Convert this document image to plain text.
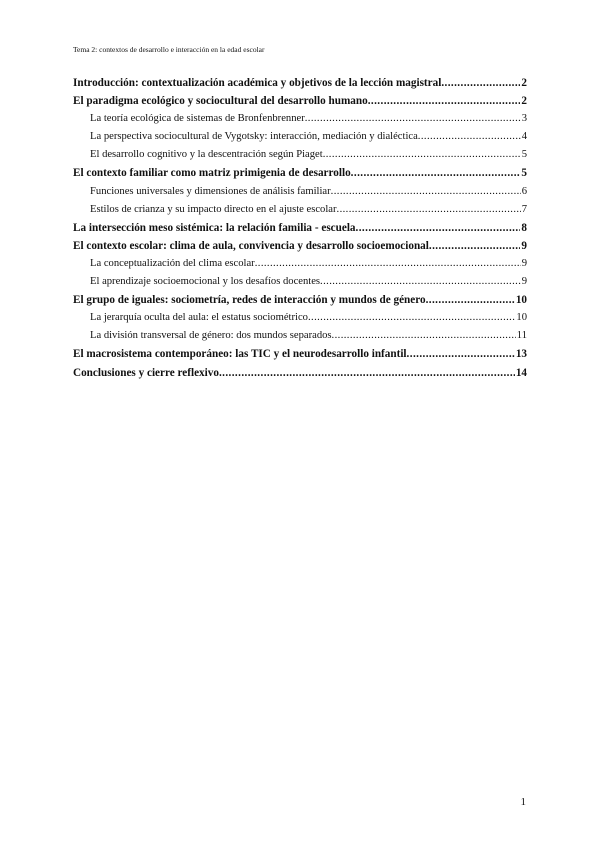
Tema 2: contextos de desarrollo e interacción en la edad escolar
Introducción: contextualización académica y objetivos de la lección magistral .....	2
El paradigma ecológico y sociocultural del desarrollo humano .....	2
La teoría ecológica de sistemas de Bronfenbrenner .....	3
La perspectiva sociocultural de Vygotsky: interacción, mediación y dialéctica .....	4
El desarrollo cognitivo y la descentración según Piaget .....	5
El contexto familiar como matriz primigenia de desarrollo .....	5
Funciones universales y dimensiones de análisis familiar .....	6
Estilos de crianza y su impacto directo en el ajuste escolar .....	7
La intersección meso sistémica: la relación familia - escuela .....	8
El contexto escolar: clima de aula, convivencia y desarrollo socioemocional .....	9
La conceptualización del clima escolar .....	9
El aprendizaje socioemocional y los desafíos docentes .....	9
El grupo de iguales: sociometría, redes de interacción y mundos de género .....	10
La jerarquía oculta del aula: el estatus sociométrico .....	10
La división transversal de género: dos mundos separados .....	11
El macrosistema contemporáneo: las TIC y el neurodesarrollo infantil .....	13
Conclusiones y cierre reflexivo .....	14
1
